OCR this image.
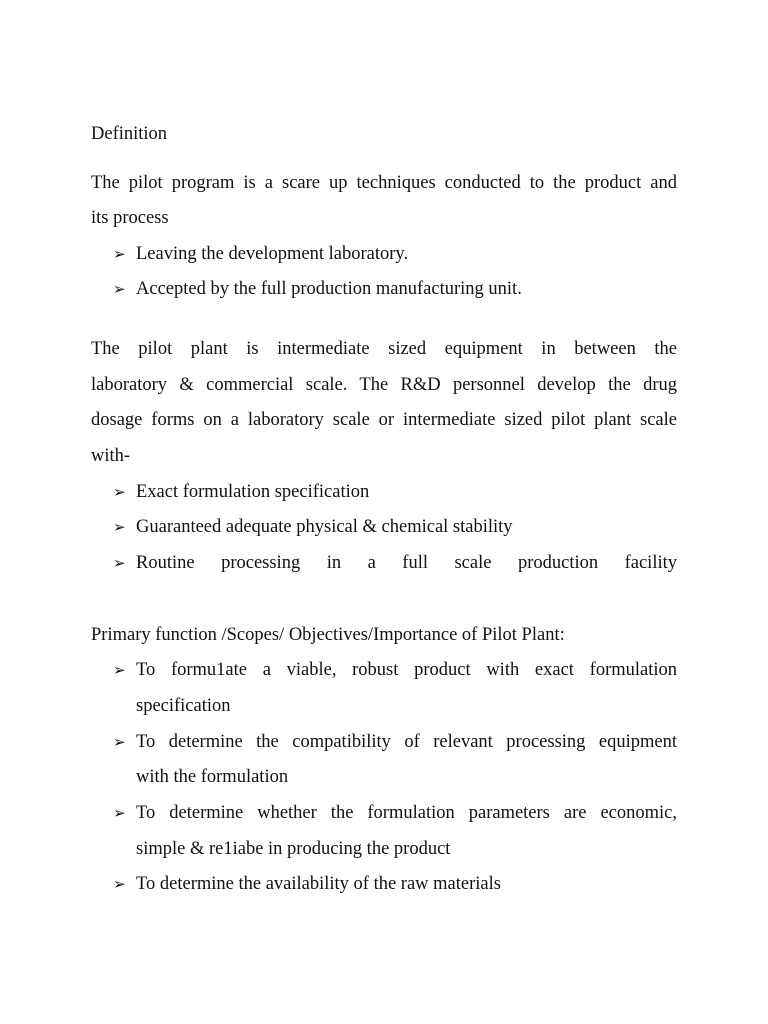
Definition
The pilot program is a scare up techniques conducted to the product and
its process
➢ Leaving the development laboratory.
➢ Accepted by the full production manufacturing unit.
The pilot plant is intermediate sized equipment in between the
laboratory & commercial scale. The R&D personnel develop the drug
dosage forms on a laboratory scale or intermediate sized pilot plant scale
with-
➢ Exact formulation specification
➢ Guaranteed adequate physical & chemical stability
➢ Routine processing in a full scale production facility
Primary function /Scopes/ Objectives/Importance of Pilot Plant:
➢ To formu1ate a viable, robust product with exact formulation
specification
➢ To determine the compatibility of relevant processing equipment
with the formulation
➢ To determine whether the formulation parameters are economic,
simple & re1iabe in producing the product
➢ To determine the availability of the raw materials
